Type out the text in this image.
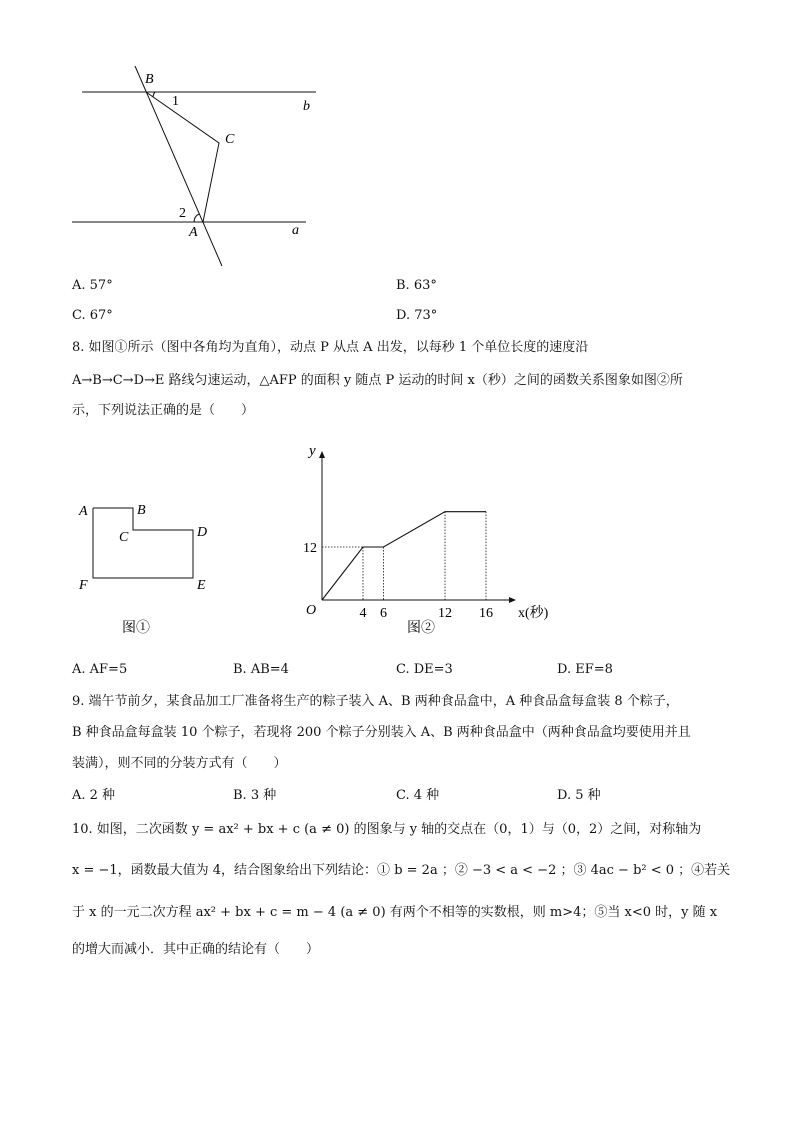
B
1	b
C
2
A	a
A. 57°	B. 63°
C. 67°	D. 73°
8. 如图①所示（图中各角均为直角），动点 P 从点 A 出发，以每秒 1 个单位长度的速度沿
A→B→C→D→E 路线匀速运动，△AFP 的面积 y 随点 P 运动的时间 x（秒）之间的函数关系图象如图②所
示，下列说法正确的是（　　）
A	B
C	D
F	E
图①
4 6	12 16
12
y
O	x(秒)
图②
A. AF=5	B. AB=4	C. DE=3	D. EF=8
9. 端午节前夕，某食品加工厂准备将生产的粽子装入 A、B 两种食品盒中，A 种食品盒每盒装 8 个粽子，
B 种食品盒每盒装 10 个粽子，若现将 200 个粽子分别装入 A、B 两种食品盒中（两种食品盒均要使用并且
装满），则不同的分装方式有（　　）
A. 2 种	B. 3 种	C. 4 种	D. 5 种
10. 如图，二次函数 y = ax² + bx + c (a ≠ 0) 的图象与 y 轴的交点在（0，1）与（0，2）之间，对称轴为
x = −1，函数最大值为 4，结合图象给出下列结论：① b = 2a ；② −3 < a < −2 ；③ 4ac − b² < 0 ；④若关
于 x 的一元二次方程 ax² + bx + c = m − 4 (a ≠ 0) 有两个不相等的实数根，则 m>4；⑤当 x<0 时，y 随 x
的增大而减小．其中正确的结论有（　　）
